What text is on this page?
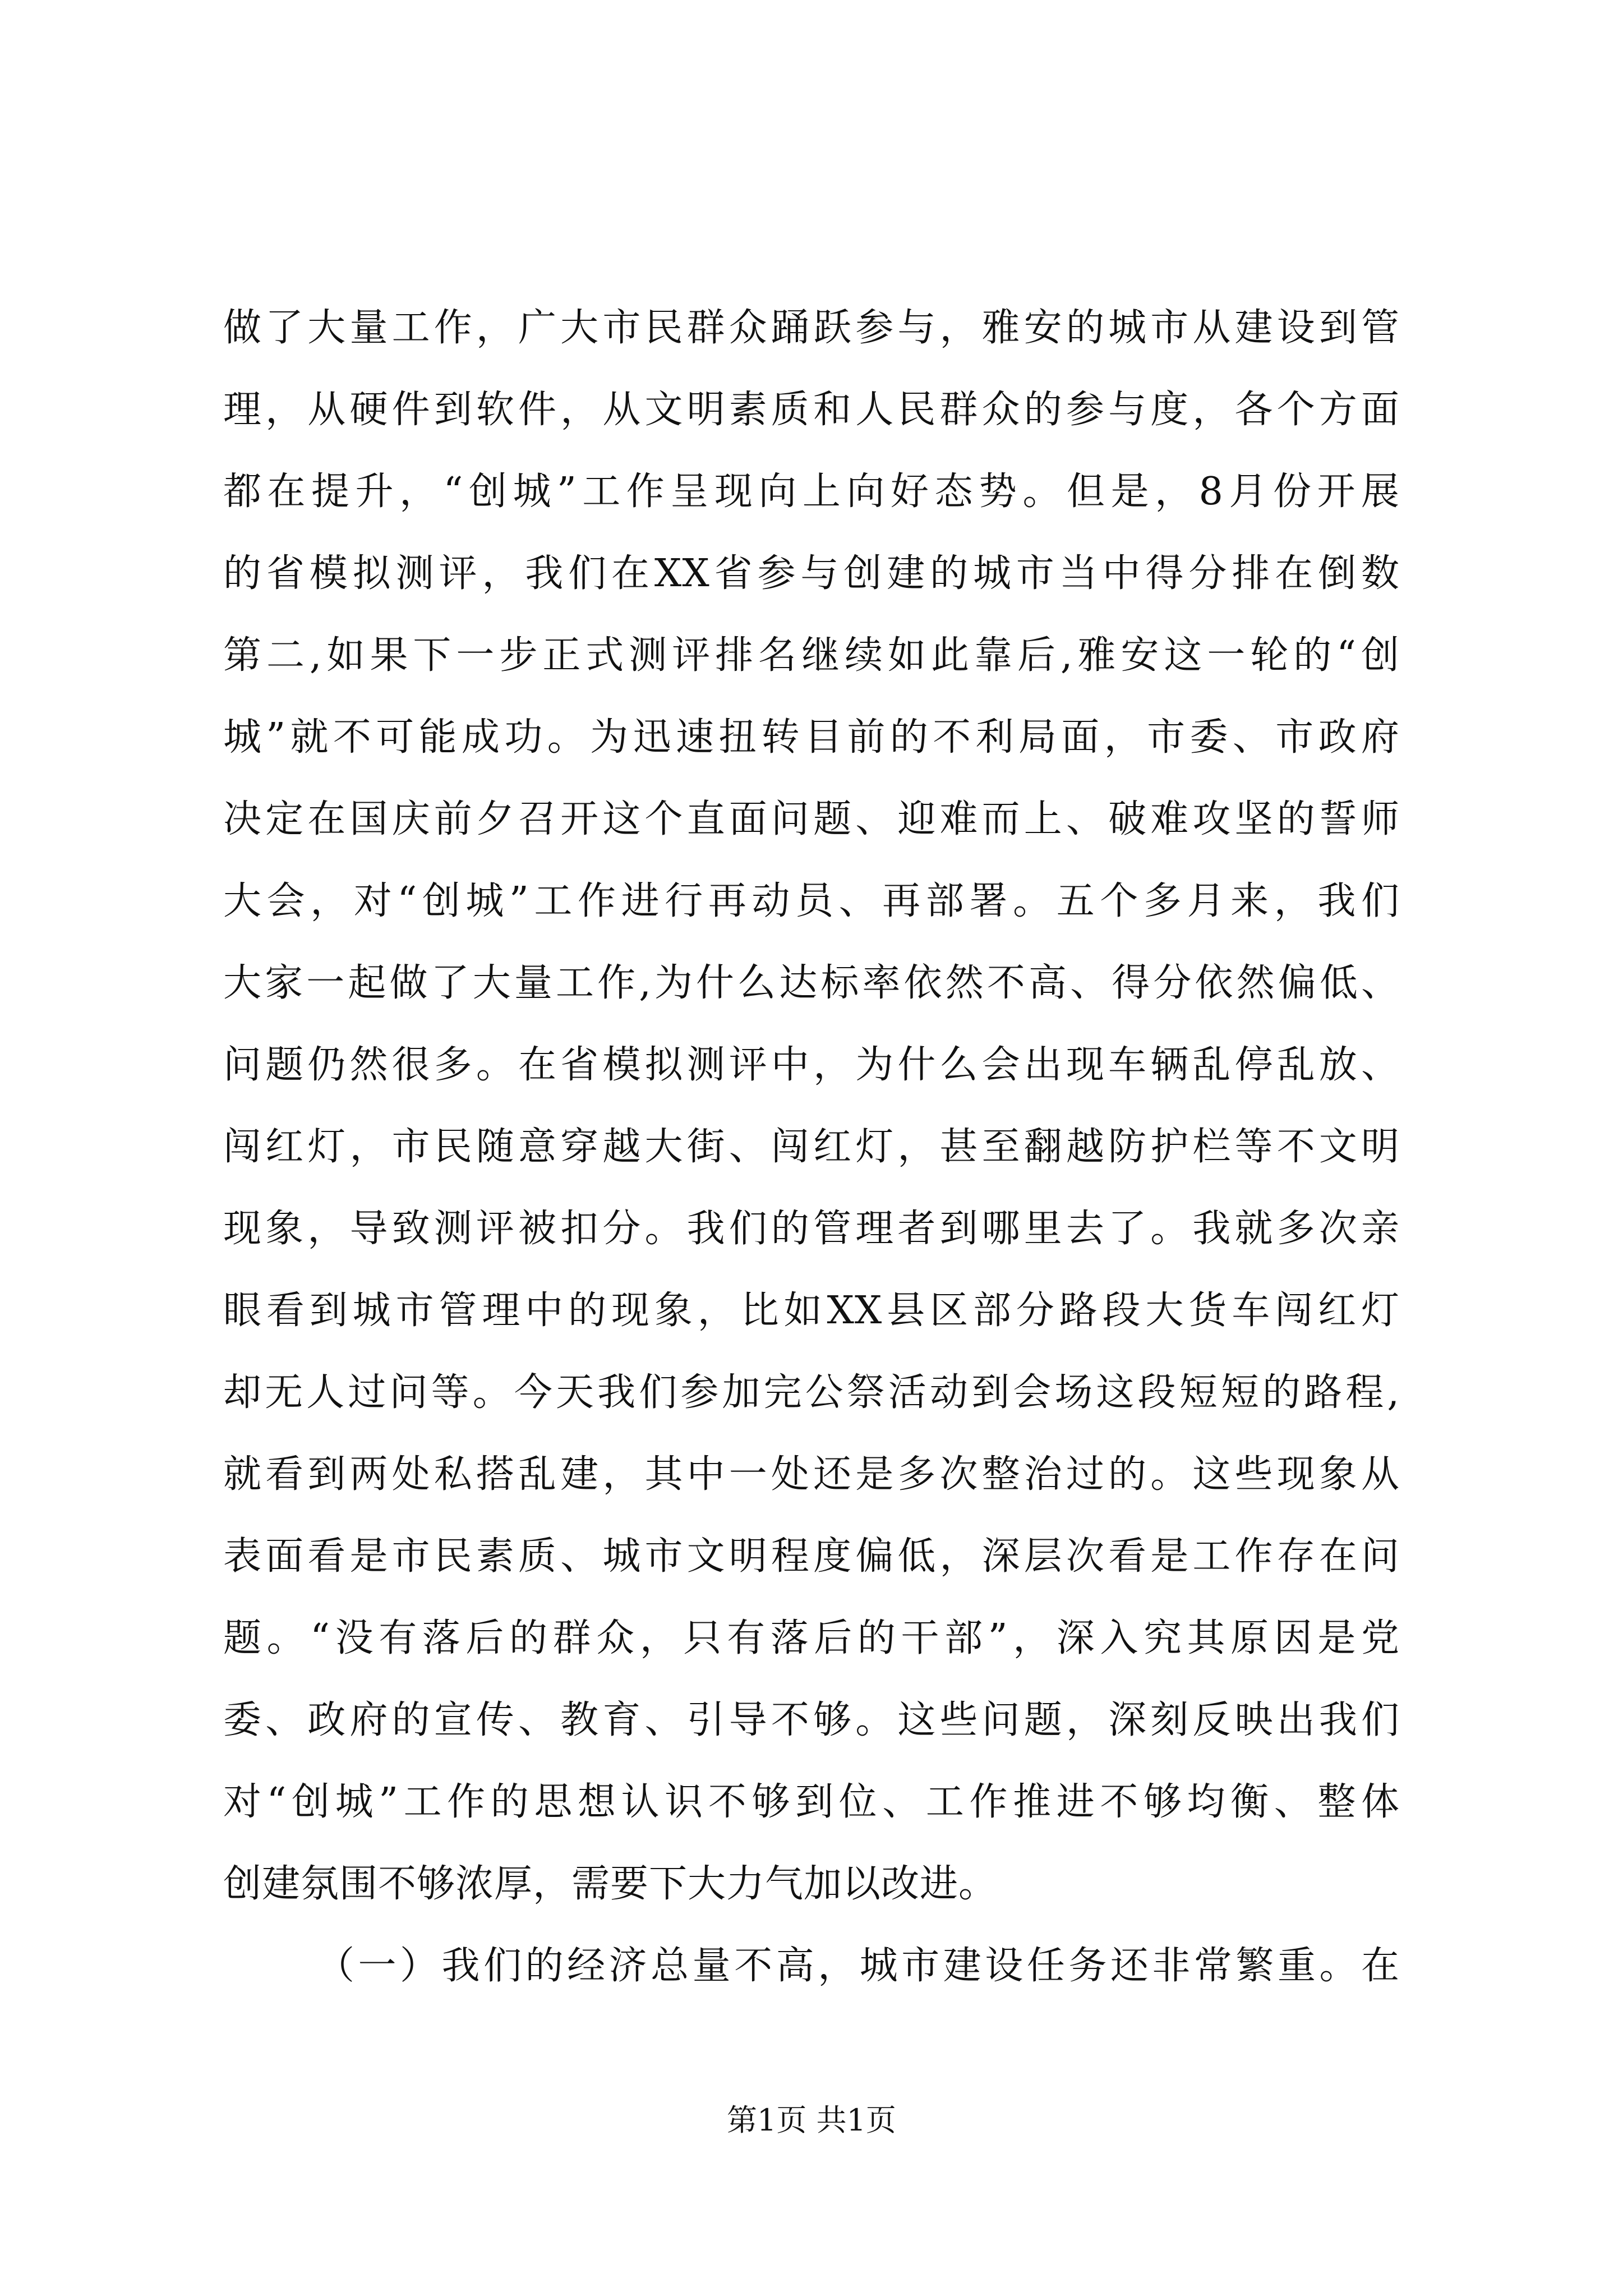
做了大量工作，广大市民群众踊跃参与，雅安的城市从建设到管
理，从硬件到软件，从文明素质和人民群众的参与度，各个方面
都在提升，“创城”工作呈现向上向好态势。但是，8月份开展
的省模拟测评，我们在XX省参与创建的城市当中得分排在倒数
第二,如果下一步正式测评排名继续如此靠后,雅安这一轮的“创
城”就不可能成功。为迅速扭转目前的不利局面，市委、市政府
决定在国庆前夕召开这个直面问题、迎难而上、破难攻坚的誓师
大会，对“创城”工作进行再动员、再部署。五个多月来，我们
大家一起做了大量工作,为什么达标率依然不高、得分依然偏低、
问题仍然很多。在省模拟测评中，为什么会出现车辆乱停乱放、
闯红灯，市民随意穿越大街、闯红灯，甚至翻越防护栏等不文明
现象，导致测评被扣分。我们的管理者到哪里去了。我就多次亲
眼看到城市管理中的现象，比如XX县区部分路段大货车闯红灯
却无人过问等。今天我们参加完公祭活动到会场这段短短的路程,
就看到两处私搭乱建，其中一处还是多次整治过的。这些现象从
表面看是市民素质、城市文明程度偏低，深层次看是工作存在问
题。“没有落后的群众，只有落后的干部”，深入究其原因是党
委、政府的宣传、教育、引导不够。这些问题，深刻反映出我们
对“创城”工作的思想认识不够到位、工作推进不够均衡、整体
创建氛围不够浓厚，需要下大力气加以改进。
（一）我们的经济总量不高，城市建设任务还非常繁重。在
第1页 共1页
